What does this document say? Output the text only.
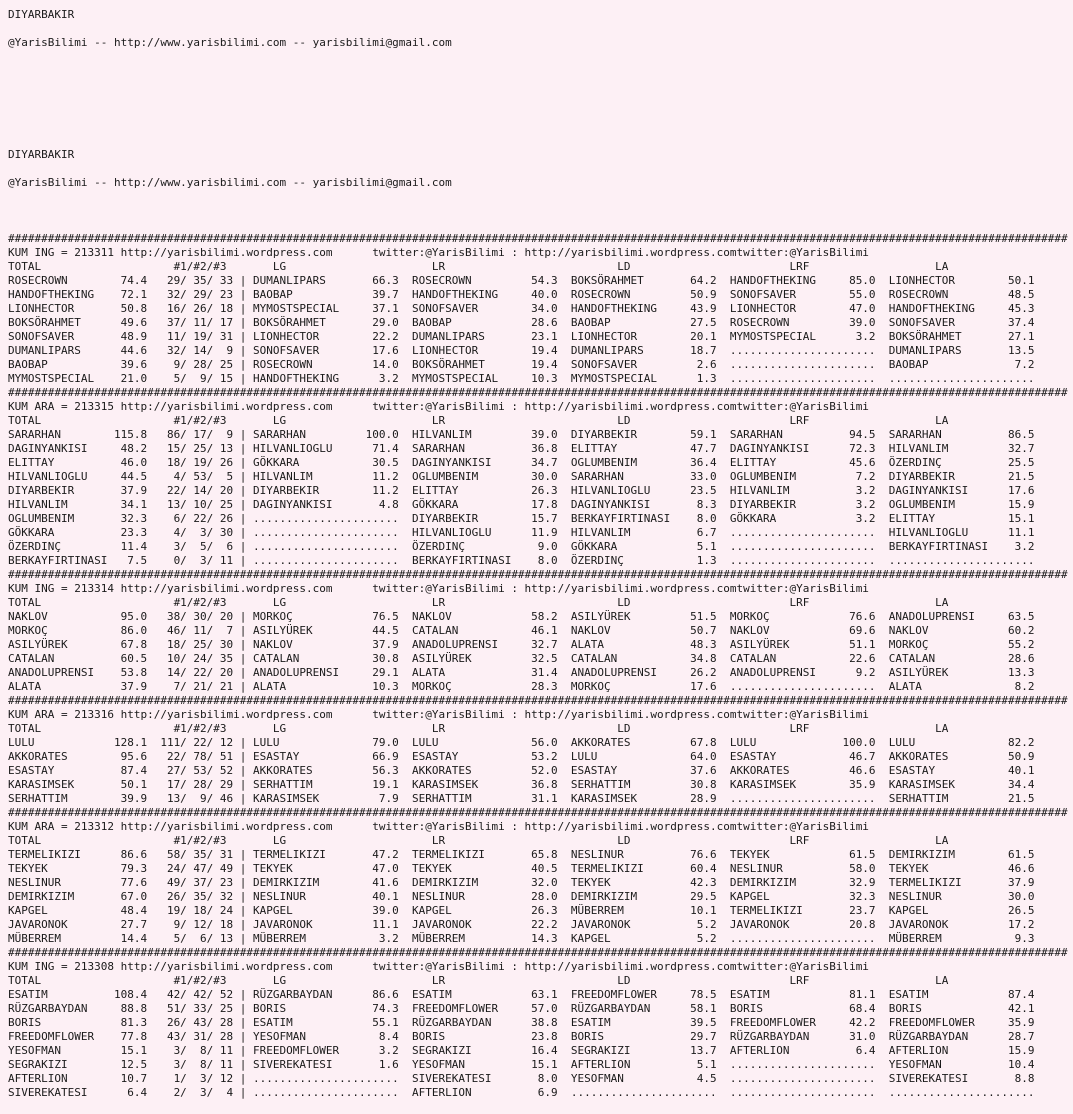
DIYARBAKIR

@YarisBilimi -- http://www.yarisbilimi.com -- yarisbilimi@gmail.com

DIYARBAKIR

@YarisBilimi -- http://www.yarisbilimi.com -- yarisbilimi@gmail.com

################################################################################################################################################################
KUM ING = 213311 http://yarisbilimi.wordpress.com      twitter:@YarisBilimi : http://yarisbilimi.wordpress.comtwitter:@YarisBilimi
TOTAL                    #1/#2/#3       LG                      LR                          LD                        LRF                   LA
ROSECROWN        74.4   29/ 35/ 33 | DUMANLIPARS       66.3  ROSECROWN         54.3  BOKSÖRAHMET       64.2  HANDOFTHEKING     85.0  LIONHECTOR        50.1
HANDOFTHEKING    72.1   32/ 29/ 23 | BAOBAP            39.7  HANDOFTHEKING     40.0  ROSECROWN         50.9  SONOFSAVER        55.0  ROSECROWN         48.5
LIONHECTOR       50.8   16/ 26/ 18 | MYMOSTSPECIAL     37.1  SONOFSAVER        34.0  HANDOFTHEKING     43.9  LIONHECTOR        47.0  HANDOFTHEKING     45.3
BOKSÖRAHMET      49.6   37/ 11/ 17 | BOKSÖRAHMET       29.0  BAOBAP            28.6  BAOBAP            27.5  ROSECROWN         39.0  SONOFSAVER        37.4
SONOFSAVER       48.9   11/ 19/ 31 | LIONHECTOR        22.2  DUMANLIPARS       23.1  LIONHECTOR        20.1  MYMOSTSPECIAL      3.2  BOKSÖRAHMET       27.1
DUMANLIPARS      44.6   32/ 14/  9 | SONOFSAVER        17.6  LIONHECTOR        19.4  DUMANLIPARS       18.7  ......................  DUMANLIPARS       13.5
BAOBAP           39.6    9/ 28/ 25 | ROSECROWN         14.0  BOKSÖRAHMET       19.4  SONOFSAVER         2.6  ......................  BAOBAP             7.2
MYMOSTSPECIAL    21.0    5/  9/ 15 | HANDOFTHEKING      3.2  MYMOSTSPECIAL     10.3  MYMOSTSPECIAL      1.3  ......................  ......................
################################################################################################################################################################
KUM ARA = 213315 http://yarisbilimi.wordpress.com      twitter:@YarisBilimi : http://yarisbilimi.wordpress.comtwitter:@YarisBilimi
TOTAL                    #1/#2/#3       LG                      LR                          LD                        LRF                   LA
SARARHAN        115.8   86/ 17/  9 | SARARHAN         100.0  HILVANLIM         39.0  DIYARBEKIR        59.1  SARARHAN          94.5  SARARHAN          86.5
DAGINYANKISI     48.2   15/ 25/ 13 | HILVANLIOGLU      71.4  SARARHAN          36.8  ELITTAY           47.7  DAGINYANKISI      72.3  HILVANLIM         32.7
ELITTAY          46.0   18/ 19/ 26 | GÖKKARA           30.5  DAGINYANKISI      34.7  OGLUMBENIM        36.4  ELITTAY           45.6  ÖZERDINÇ          25.5
HILVANLIOGLU     44.5    4/ 53/  5 | HILVANLIM         11.2  OGLUMBENIM        30.0  SARARHAN          33.0  OGLUMBENIM         7.2  DIYARBEKIR        21.5
DIYARBEKIR       37.9   22/ 14/ 20 | DIYARBEKIR        11.2  ELITTAY           26.3  HILVANLIOGLU      23.5  HILVANLIM          3.2  DAGINYANKISI      17.6
HILVANLIM        34.1   13/ 10/ 25 | DAGINYANKISI       4.8  GÖKKARA           17.8  DAGINYANKISI       8.3  DIYARBEKIR         3.2  OGLUMBENIM        15.9
OGLUMBENIM       32.3    6/ 22/ 26 | ......................  DIYARBEKIR        15.7  BERKAYFIRTINASI    8.0  GÖKKARA            3.2  ELITTAY           15.1
GÖKKARA          23.3    4/  3/ 30 | ......................  HILVANLIOGLU      11.9  HILVANLIM          6.7  ......................  HILVANLIOGLU      11.1
ÖZERDINÇ         11.4    3/  5/  6 | ......................  ÖZERDINÇ           9.0  GÖKKARA            5.1  ......................  BERKAYFIRTINASI    3.2
BERKAYFIRTINASI   7.5    0/  3/ 11 | ......................  BERKAYFIRTINASI    8.0  ÖZERDINÇ           1.3  ......................  ......................
################################################################################################################################################################
KUM ING = 213314 http://yarisbilimi.wordpress.com      twitter:@YarisBilimi : http://yarisbilimi.wordpress.comtwitter:@YarisBilimi
TOTAL                    #1/#2/#3       LG                      LR                          LD                        LRF                   LA
NAKLOV           95.0   38/ 30/ 20 | MORKOÇ            76.5  NAKLOV            58.2  ASILYÜREK         51.5  MORKOÇ            76.6  ANADOLUPRENSI     63.5
MORKOÇ           86.0   46/ 11/  7 | ASILYÜREK         44.5  CATALAN           46.1  NAKLOV            50.7  NAKLOV            69.6  NAKLOV            60.2
ASILYÜREK        67.8   18/ 25/ 30 | NAKLOV            37.9  ANADOLUPRENSI     32.7  ALATA             48.3  ASILYÜREK         51.1  MORKOÇ            55.2
CATALAN          60.5   10/ 24/ 35 | CATALAN           30.8  ASILYÜREK         32.5  CATALAN           34.8  CATALAN           22.6  CATALAN           28.6
ANADOLUPRENSI    53.8   14/ 22/ 20 | ANADOLUPRENSI     29.1  ALATA             31.4  ANADOLUPRENSI     26.2  ANADOLUPRENSI      9.2  ASILYÜREK         13.3
ALATA            37.9    7/ 21/ 21 | ALATA             10.3  MORKOÇ            28.3  MORKOÇ            17.6  ......................  ALATA              8.2
################################################################################################################################################################
KUM ARA = 213316 http://yarisbilimi.wordpress.com      twitter:@YarisBilimi : http://yarisbilimi.wordpress.comtwitter:@YarisBilimi
TOTAL                    #1/#2/#3       LG                      LR                          LD                        LRF                   LA
LULU            128.1  111/ 22/ 12 | LULU              79.0  LULU              56.0  AKKORATES         67.8  LULU             100.0  LULU              82.2
AKKORATES        95.6   22/ 78/ 51 | ESASTAY           66.9  ESASTAY           53.2  LULU              64.0  ESASTAY           46.7  AKKORATES         50.9
ESASTAY          87.4   27/ 53/ 52 | AKKORATES         56.3  AKKORATES         52.0  ESASTAY           37.6  AKKORATES         46.6  ESASTAY           40.1
KARASIMSEK       50.1   17/ 28/ 29 | SERHATTIM         19.1  KARASIMSEK        36.8  SERHATTIM         30.8  KARASIMSEK        35.9  KARASIMSEK        34.4
SERHATTIM        39.9   13/  9/ 46 | KARASIMSEK         7.9  SERHATTIM         31.1  KARASIMSEK        28.9  ......................  SERHATTIM         21.5
################################################################################################################################################################
KUM ARA = 213312 http://yarisbilimi.wordpress.com      twitter:@YarisBilimi : http://yarisbilimi.wordpress.comtwitter:@YarisBilimi
TOTAL                    #1/#2/#3       LG                      LR                          LD                        LRF                   LA
TERMELIKIZI      86.6   58/ 35/ 31 | TERMELIKIZI       47.2  TERMELIKIZI       65.8  NESLINUR          76.6  TEKYEK            61.5  DEMIRKIZIM        61.5
TEKYEK           79.3   24/ 47/ 49 | TEKYEK            47.0  TEKYEK            40.5  TERMELIKIZI       60.4  NESLINUR          58.0  TEKYEK            46.6
NESLINUR         77.6   49/ 37/ 23 | DEMIRKIZIM        41.6  DEMIRKIZIM        32.0  TEKYEK            42.3  DEMIRKIZIM        32.9  TERMELIKIZI       37.9
DEMIRKIZIM       67.0   26/ 35/ 32 | NESLINUR          40.1  NESLINUR          28.0  DEMIRKIZIM        29.5  KAPGEL            32.3  NESLINUR          30.0
KAPGEL           48.4   19/ 18/ 24 | KAPGEL            39.0  KAPGEL            26.3  MÜBERREM          10.1  TERMELIKIZI       23.7  KAPGEL            26.5
JAVARONOK        27.7    9/ 12/ 18 | JAVARONOK         11.1  JAVARONOK         22.2  JAVARONOK          5.2  JAVARONOK         20.8  JAVARONOK         17.2
MÜBERREM         14.4    5/  6/ 13 | MÜBERREM           3.2  MÜBERREM          14.3  KAPGEL             5.2  ......................  MÜBERREM           9.3
################################################################################################################################################################
KUM ING = 213308 http://yarisbilimi.wordpress.com      twitter:@YarisBilimi : http://yarisbilimi.wordpress.comtwitter:@YarisBilimi
TOTAL                    #1/#2/#3       LG                      LR                          LD                        LRF                   LA
ESATIM          108.4   42/ 42/ 52 | RÜZGARBAYDAN      86.6  ESATIM            63.1  FREEDOMFLOWER     78.5  ESATIM            81.1  ESATIM            87.4
RÜZGARBAYDAN     88.8   51/ 33/ 25 | BORIS             74.3  FREEDOMFLOWER     57.0  RÜZGARBAYDAN      58.1  BORIS             68.4  BORIS             42.1
BORIS            81.3   26/ 43/ 28 | ESATIM            55.1  RÜZGARBAYDAN      38.8  ESATIM            39.5  FREEDOMFLOWER     42.2  FREEDOMFLOWER     35.9
FREEDOMFLOWER    77.8   43/ 31/ 28 | YESOFMAN           8.4  BORIS             23.8  BORIS             29.7  RÜZGARBAYDAN      31.0  RÜZGARBAYDAN      28.7
YESOFMAN         15.1    3/  8/ 11 | FREEDOMFLOWER      3.2  SEGRAKIZI         16.4  SEGRAKIZI         13.7  AFTERLION          6.4  AFTERLION         15.9
SEGRAKIZI        12.5    3/  8/ 11 | SIVEREKATESI       1.6  YESOFMAN          15.1  AFTERLION          5.1  ......................  YESOFMAN          10.4
AFTERLION        10.7    1/  3/ 12 | ......................  SIVEREKATESI       8.0  YESOFMAN           4.5  ......................  SIVEREKATESI       8.8
SIVEREKATESI      6.4    2/  3/  4 | ......................  AFTERLION          6.9  ......................  ......................  ......................
